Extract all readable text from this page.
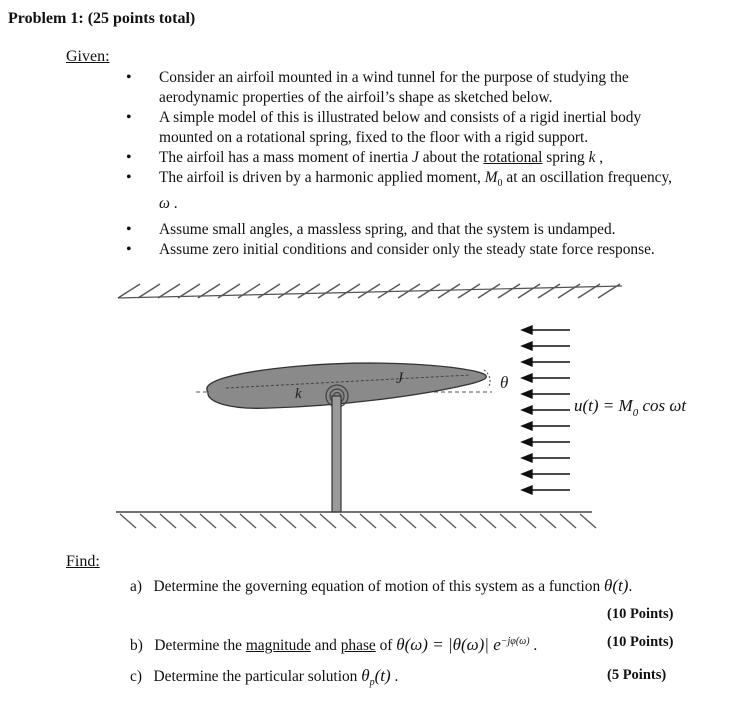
Problem 1: (25 points total)
Given:
• Consider an airfoil mounted in a wind tunnel for the purpose of studying the
aerodynamic properties of the airfoil’s shape as sketched below.
• A simple model of this is illustrated below and consists of a rigid inertial body
mounted on a rotational spring, fixed to the floor with a rigid support.
• The airfoil has a mass moment of inertia J about the rotational spring k ,
• The airfoil is driven by a harmonic applied moment, $M_0$ at an oscillation frequency,
ω .
• Assume small angles, a massless spring, and that the system is undamped.
• Assume zero initial conditions and consider only the steady state force response.
k
J	θ
$u(t) = M_0$ cos ωt
Find:
a) Determine the governing equation of motion of this system as a function θ(t).
(10 Points)
b) Determine the magnitude and phase of θ(ω) = |θ(ω)| $e^{-j\varphi(\omega)}$ .	(10 Points)
c) Determine the particular solution $\theta_p(t)$ .	(5 Points)
